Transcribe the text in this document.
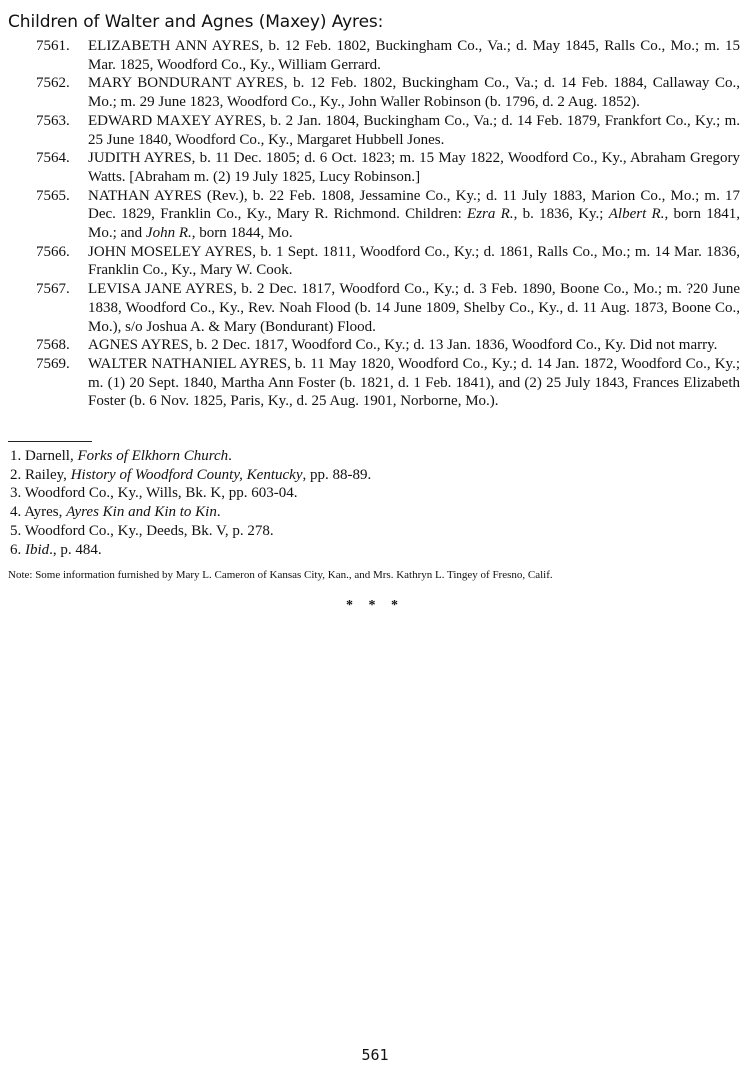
Children of Walter and Agnes (Maxey) Ayres:
7561.	ELIZABETH ANN AYRES, b. 12 Feb. 1802, Buckingham Co., Va.; d. May 1845, Ralls Co., Mo.; m. 15 Mar. 1825, Woodford Co., Ky., William Gerrard.
7562.	MARY BONDURANT AYRES, b. 12 Feb. 1802, Buckingham Co., Va.; d. 14 Feb. 1884, Callaway Co., Mo.; m. 29 June 1823, Woodford Co., Ky., John Waller Robinson (b. 1796, d. 2 Aug. 1852).
7563.	EDWARD MAXEY AYRES, b. 2 Jan. 1804, Buckingham Co., Va.; d. 14 Feb. 1879, Frankfort Co., Ky.; m. 25 June 1840, Woodford Co., Ky., Margaret Hubbell Jones.
7564.	JUDITH AYRES, b. 11 Dec. 1805; d. 6 Oct. 1823; m. 15 May 1822, Woodford Co., Ky., Abraham Gregory Watts. [Abraham m. (2) 19 July 1825, Lucy Robinson.]
7565.	NATHAN AYRES (Rev.), b. 22 Feb. 1808, Jessamine Co., Ky.; d. 11 July 1883, Marion Co., Mo.; m. 17 Dec. 1829, Franklin Co., Ky., Mary R. Richmond. Children: Ezra R., b. 1836, Ky.; Albert R., born 1841, Mo.; and John R., born 1844, Mo.
7566.	JOHN MOSELEY AYRES, b. 1 Sept. 1811, Woodford Co., Ky.; d. 1861, Ralls Co., Mo.; m. 14 Mar. 1836, Franklin Co., Ky., Mary W. Cook.
7567.	LEVISA JANE AYRES, b. 2 Dec. 1817, Woodford Co., Ky.; d. 3 Feb. 1890, Boone Co., Mo.; m. ?20 June 1838, Woodford Co., Ky., Rev. Noah Flood (b. 14 June 1809, Shelby Co., Ky., d. 11 Aug. 1873, Boone Co., Mo.), s/o Joshua A. & Mary (Bondurant) Flood.
7568.	AGNES AYRES, b. 2 Dec. 1817, Woodford Co., Ky.; d. 13 Jan. 1836, Woodford Co., Ky. Did not marry.
7569.	WALTER NATHANIEL AYRES, b. 11 May 1820, Woodford Co., Ky.; d. 14 Jan. 1872, Woodford Co., Ky.; m. (1) 20 Sept. 1840, Martha Ann Foster (b. 1821, d. 1 Feb. 1841), and (2) 25 July 1843, Frances Elizabeth Foster (b. 6 Nov. 1825, Paris, Ky., d. 25 Aug. 1901, Norborne, Mo.).
1. Darnell, Forks of Elkhorn Church.
2. Railey, History of Woodford County, Kentucky, pp. 88-89.
3. Woodford Co., Ky., Wills, Bk. K, pp. 603-04.
4. Ayres, Ayres Kin and Kin to Kin.
5. Woodford Co., Ky., Deeds, Bk. V, p. 278.
6. Ibid., p. 484.
Note: Some information furnished by Mary L. Cameron of Kansas City, Kan., and Mrs. Kathryn L. Tingey of Fresno, Calif.
* * *
561
